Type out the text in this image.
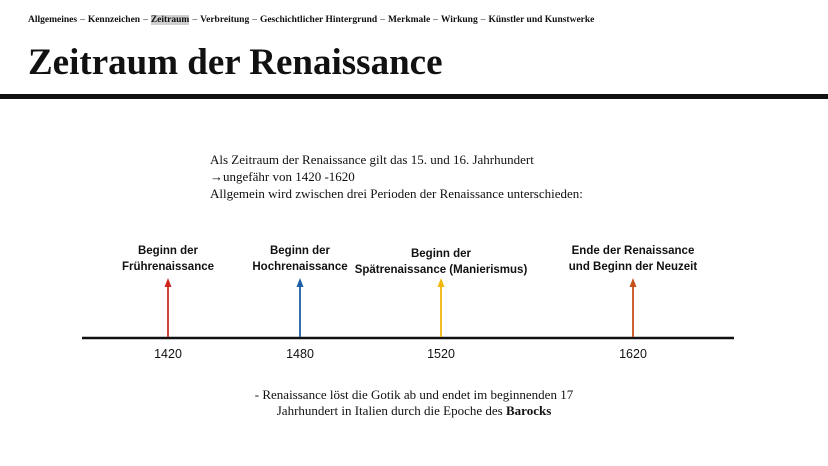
Allgemeines – Kennzeichen – Zeitraum – Verbreitung – Geschichtlicher Hintergrund – Merkmale – Wirkung – Künstler und Kunstwerke
Zeitraum der Renaissance
Als Zeitraum der Renaissance gilt das 15. und 16. Jahrhundert
→ungefähr von 1420 -1620
Allgemein wird zwischen drei Perioden der Renaissance unterschieden:
Beginn der
Frührenaissance
1420
Beginn der
Hochrenaissance
1480
Beginn der
Spätrenaissance (Manierismus)
1520
Ende der Renaissance
und Beginn der Neuzeit
1620
- Renaissance löst die Gotik ab und endet im beginnenden 17
Jahrhundert in Italien durch die Epoche des Barocks
